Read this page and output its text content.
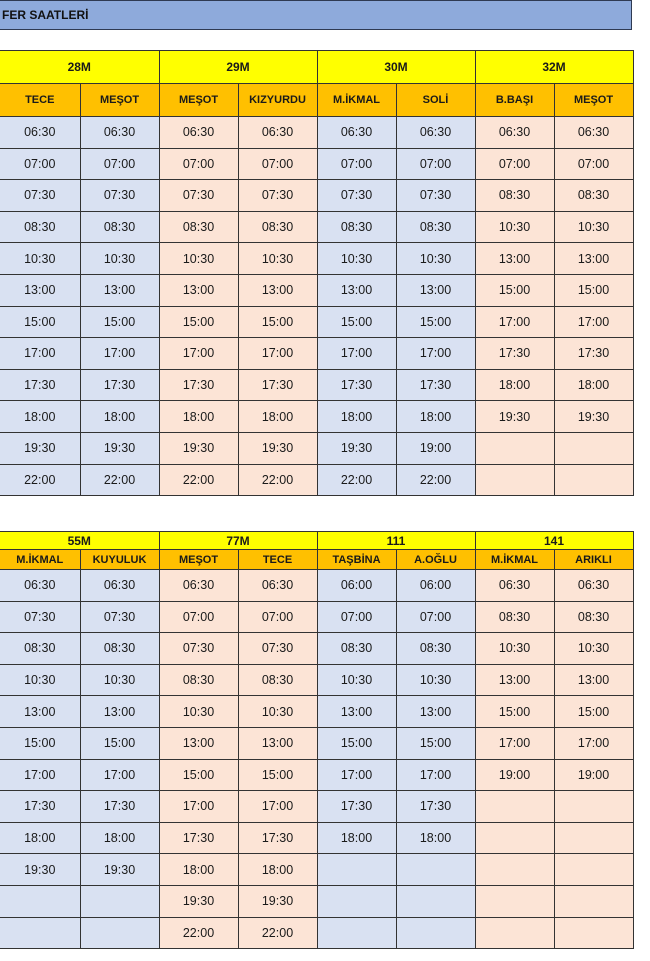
FER SAATLERİ
28M		29M		30M		32M	
TECE	MEŞOT	MEŞOT	KIZYURDU	M.İKMAL	SOLİ	B.BAŞI	MEŞOT
06:30	06:30	06:30	06:30	06:30	06:30	06:30	06:30
07:00	07:00	07:00	07:00	07:00	07:00	07:00	07:00
07:30	07:30	07:30	07:30	07:30	07:30	08:30	08:30
08:30	08:30	08:30	08:30	08:30	08:30	10:30	10:30
10:30	10:30	10:30	10:30	10:30	10:30	13:00	13:00
13:00	13:00	13:00	13:00	13:00	13:00	15:00	15:00
15:00	15:00	15:00	15:00	15:00	15:00	17:00	17:00
17:00	17:00	17:00	17:00	17:00	17:00	17:30	17:30
17:30	17:30	17:30	17:30	17:30	17:30	18:00	18:00
18:00	18:00	18:00	18:00	18:00	18:00	19:30	19:30
19:30	19:30	19:30	19:30	19:30	19:00		
22:00	22:00	22:00	22:00	22:00	22:00		
55M		77M		111		141	
M.İKMAL	KUYULUK	MEŞOT	TECE	TAŞBİNA	A.OĞLU	M.İKMAL	ARIKLI
06:30	06:30	06:30	06:30	06:00	06:00	06:30	06:30
07:30	07:30	07:00	07:00	07:00	07:00	08:30	08:30
08:30	08:30	07:30	07:30	08:30	08:30	10:30	10:30
10:30	10:30	08:30	08:30	10:30	10:30	13:00	13:00
13:00	13:00	10:30	10:30	13:00	13:00	15:00	15:00
15:00	15:00	13:00	13:00	15:00	15:00	17:00	17:00
17:00	17:00	15:00	15:00	17:00	17:00	19:00	19:00
17:30	17:30	17:00	17:00	17:30	17:30		
18:00	18:00	17:30	17:30	18:00	18:00		
19:30	19:30	18:00	18:00				
		19:30	19:30				
		22:00	22:00				
